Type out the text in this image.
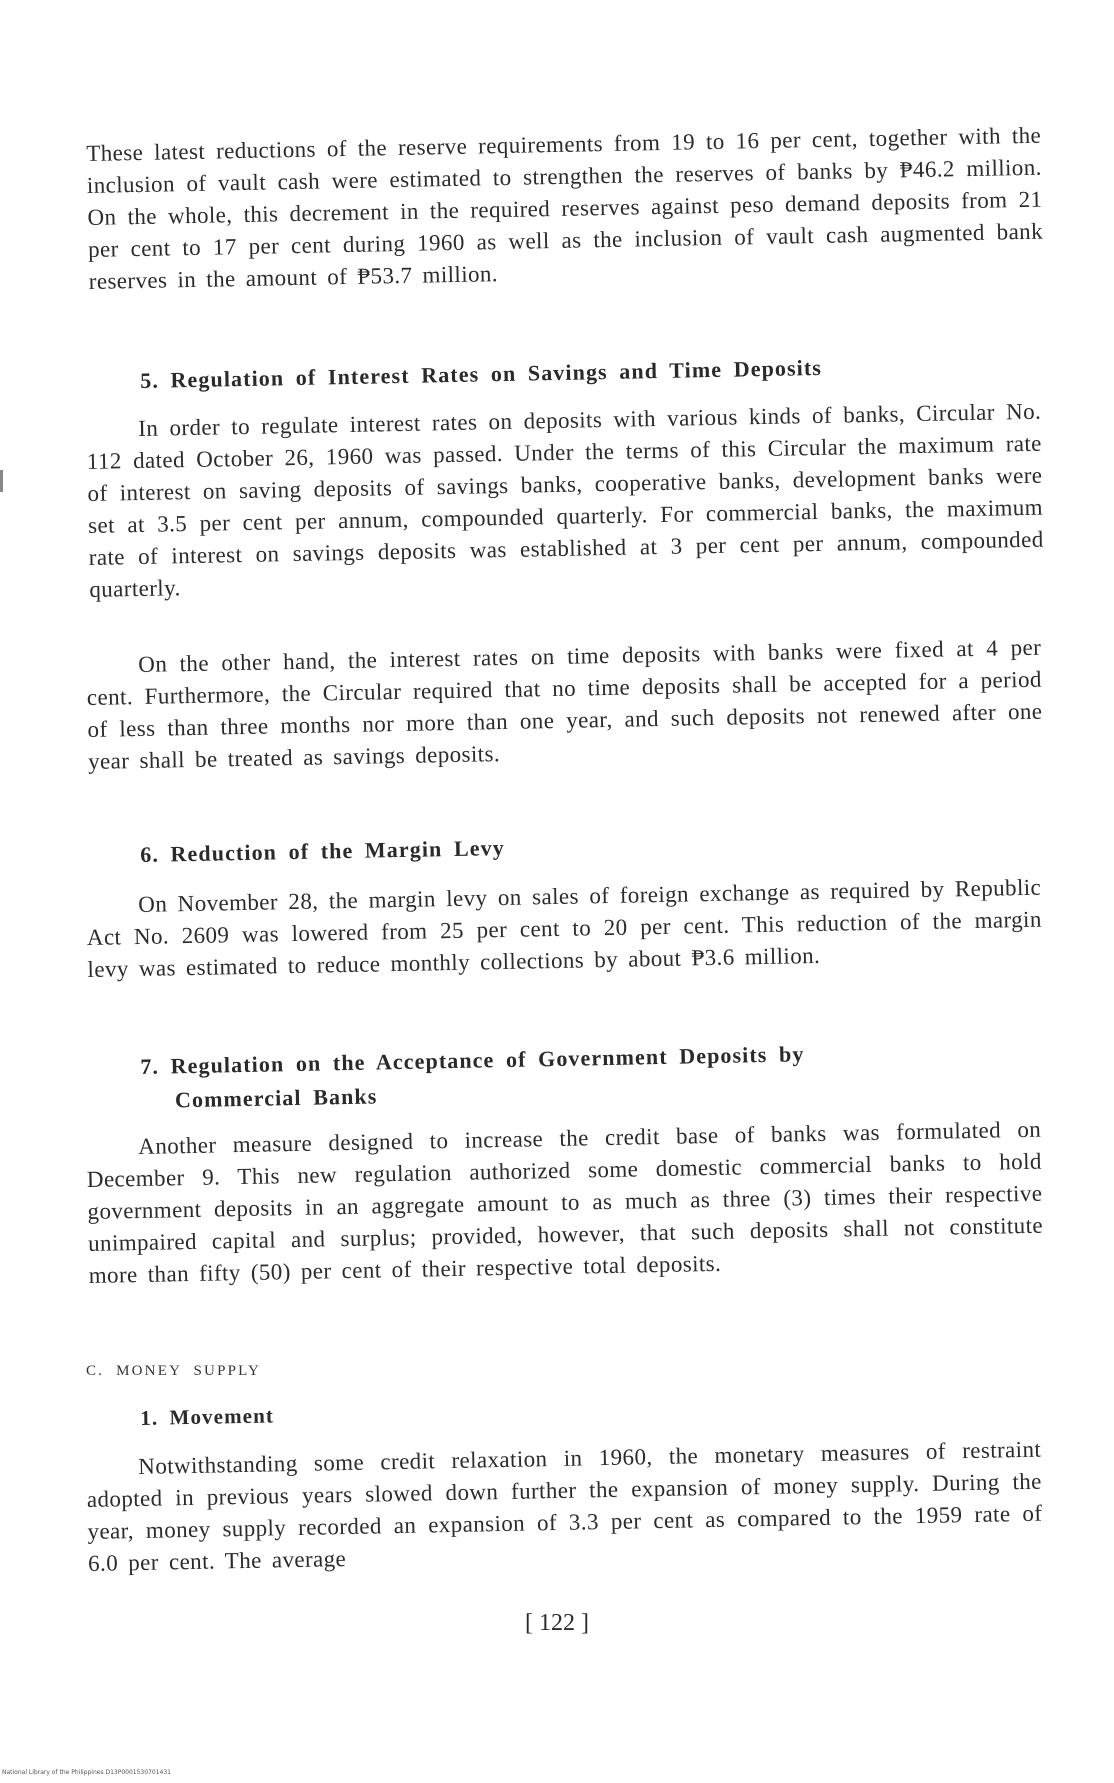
These latest reductions of the reserve requirements from 19 to 16 per cent, together with the inclusion of vault cash were estimated to strengthen the reserves of banks by ₱46.2 million. On the whole, this decrement in the required reserves against peso demand deposits from 21 per cent to 17 per cent during 1960 as well as the inclusion of vault cash augmented bank reserves in the amount of ₱53.7 million.

5. Regulation of Interest Rates on Savings and Time Deposits

In order to regulate interest rates on deposits with various kinds of banks, Circular No. 112 dated October 26, 1960 was passed. Under the terms of this Circular the maximum rate of interest on saving deposits of savings banks, cooperative banks, development banks were set at 3.5 per cent per annum, compounded quarterly. For commercial banks, the maximum rate of interest on savings deposits was established at 3 per cent per annum, compounded quarterly.

On the other hand, the interest rates on time deposits with banks were fixed at 4 per cent. Furthermore, the Circular required that no time deposits shall be accepted for a period of less than three months nor more than one year, and such deposits not renewed after one year shall be treated as savings deposits.

6. Reduction of the Margin Levy

On November 28, the margin levy on sales of foreign exchange as required by Republic Act No. 2609 was lowered from 25 per cent to 20 per cent. This reduction of the margin levy was estimated to reduce monthly collections by about ₱3.6 million.

7. Regulation on the Acceptance of Government Deposits by
Commercial Banks

Another measure designed to increase the credit base of banks was formulated on December 9. This new regulation authorized some domestic commercial banks to hold government deposits in an aggregate amount to as much as three (3) times their respective unimpaired capital and surplus; provided, however, that such deposits shall not constitute more than fifty (50) per cent of their respective total deposits.

C. MONEY SUPPLY

1. Movement

Notwithstanding some credit relaxation in 1960, the monetary measures of restraint adopted in previous years slowed down further the expansion of money supply. During the year, money supply recorded an expansion of 3.3 per cent as compared to the 1959 rate of 6.0 per cent. The average

[ 122 ]

National Library of the Philippines D13P0001530701431
